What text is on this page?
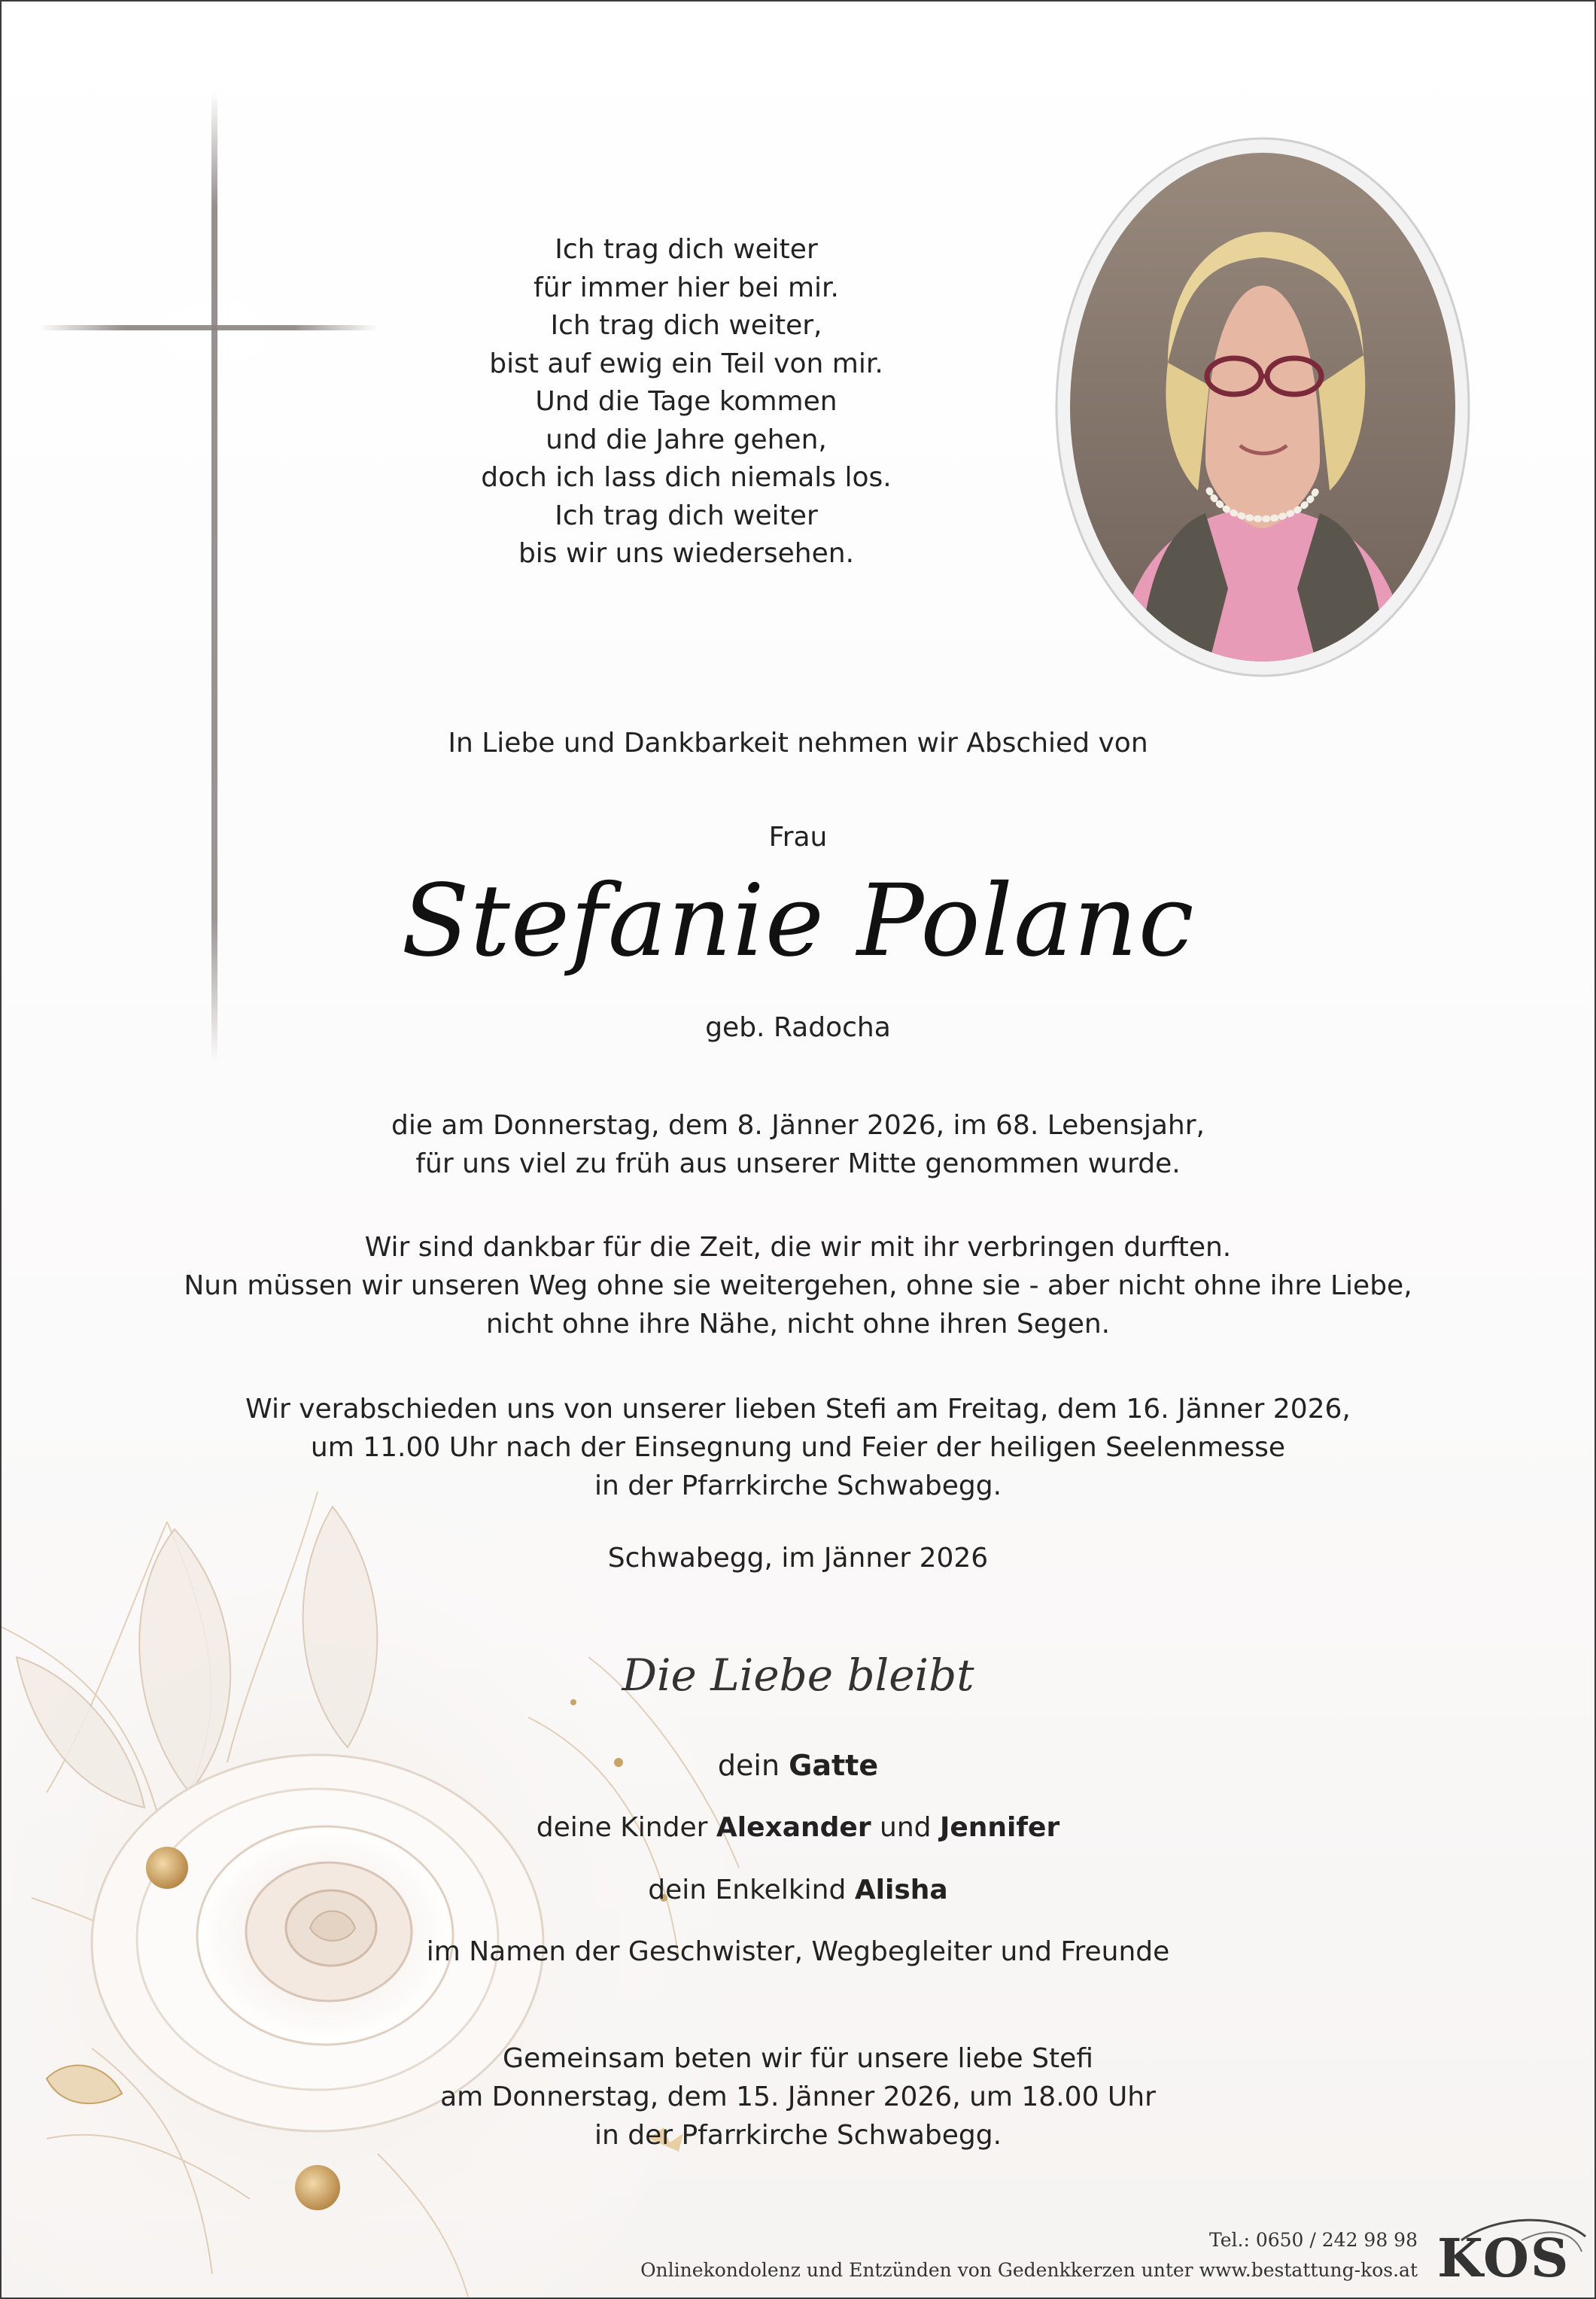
Ich trag dich weiter
für immer hier bei mir.
Ich trag dich weiter,
bist auf ewig ein Teil von mir.
Und die Tage kommen
und die Jahre gehen,
doch ich lass dich niemals los.
Ich trag dich weiter
bis wir uns wiedersehen.
In Liebe und Dankbarkeit nehmen wir Abschied von
Frau
Stefanie Polanc
geb. Radocha
die am Donnerstag, dem 8. Jänner 2026, im 68. Lebensjahr,
für uns viel zu früh aus unserer Mitte genommen wurde.
Wir sind dankbar für die Zeit, die wir mit ihr verbringen durften.
Nun müssen wir unseren Weg ohne sie weitergehen, ohne sie - aber nicht ohne ihre Liebe,
nicht ohne ihre Nähe, nicht ohne ihren Segen.
Wir verabschieden uns von unserer lieben Stefi am Freitag, dem 16. Jänner 2026,
um 11.00 Uhr nach der Einsegnung und Feier der heiligen Seelenmesse
in der Pfarrkirche Schwabegg.
Schwabegg, im Jänner 2026
Die Liebe bleibt
dein Gatte
deine Kinder Alexander und Jennifer
dein Enkelkind Alisha
im Namen der Geschwister, Wegbegleiter und Freunde
Gemeinsam beten wir für unsere liebe Stefi
am Donnerstag, dem 15. Jänner 2026, um 18.00 Uhr
in der Pfarrkirche Schwabegg.
Tel.: 0650 / 242 98 98
Onlinekondolenz und Entzünden von Gedenkkerzen unter www.bestattung-kos.at KOS
